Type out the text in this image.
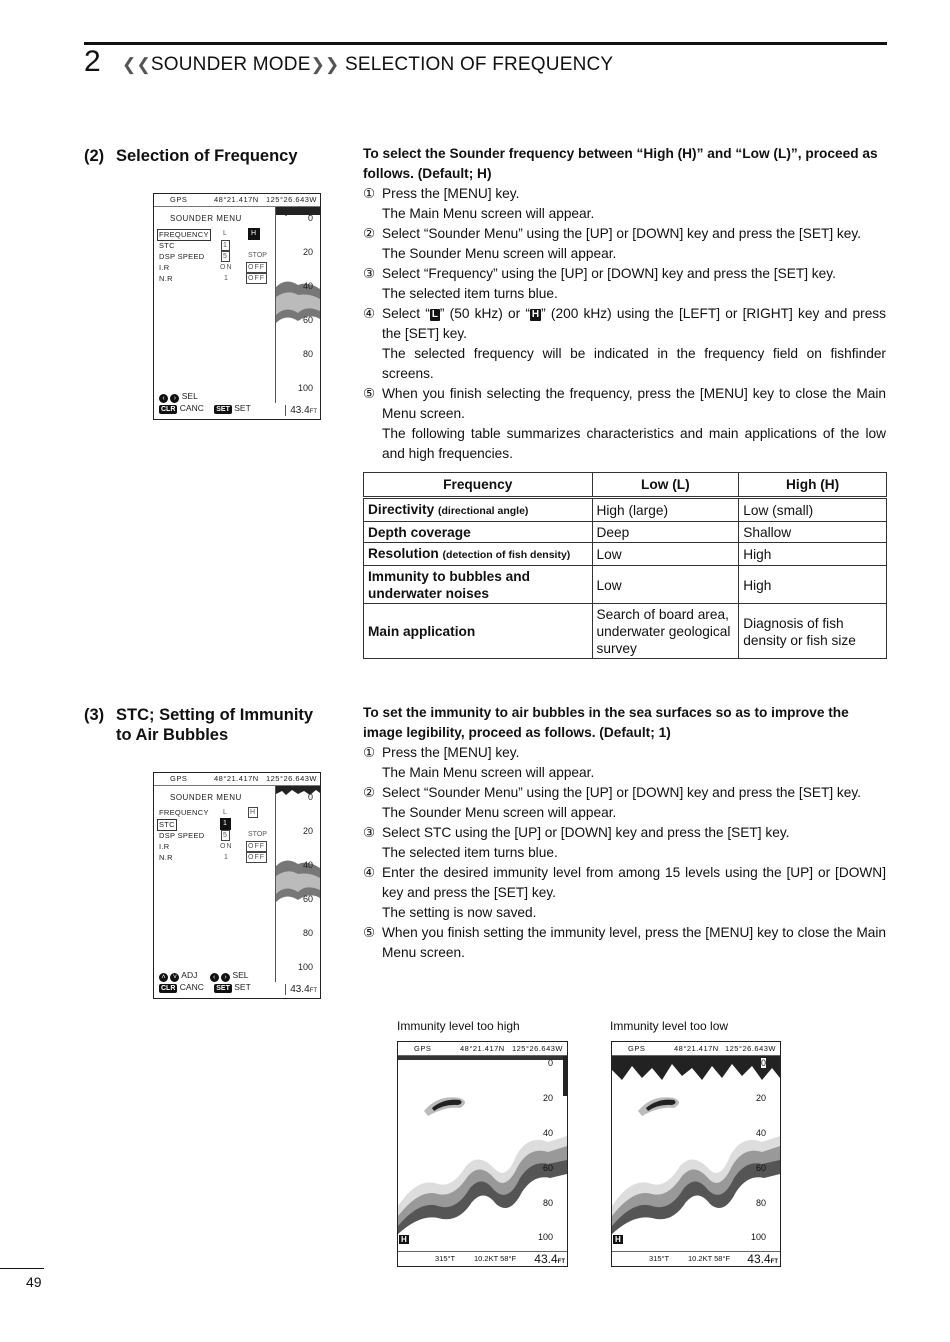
2 ❮❮SOUNDER MODE❯❯ SELECTION OF FREQUENCY
(2) Selection of Frequency
GPS	48°21.417N 125°26.643W
SOUNDER MENU
FREQUENCY L	H
STC	1
DSP SPEED	5	STOP
I.R	ON OFF
N.R	1	OFF
0
20
40
60
80
100
‹ › SEL
CLR CANC SET SET	43.4FT
To select the Sounder frequency between “High (H)” and “Low (L)”, proceed as follows. (Default; H)
① Press the [MENU] key.
The Main Menu screen will appear.
② Select “Sounder Menu” using the [UP] or [DOWN] key and press the [SET] key.
The Sounder Menu screen will appear.
③ Select “Frequency” using the [UP] or [DOWN] key and press the [SET] key.
The selected item turns blue.
④ Select “ L ” (50 kHz) or “ H ” (200 kHz) using the [LEFT] or [RIGHT] key and press the [SET] key.
The selected frequency will be indicated in the frequency field on fishfinder screens.
⑤ When you finish selecting the frequency, press the [MENU] key to close the Main Menu screen.
The following table summarizes characteristics and main applications of the low and high frequencies.
Frequency	Low (L)	High (H)
Directivity (directional angle)	High (large)	Low (small)
Depth coverage	Deep	Shallow
Resolution (detection of fish density)	Low	High
Immunity to bubbles and underwater noises	Low	High
Main application	Search of board area, underwater geological survey	Diagnosis of fish density or fish size
(3) STC; Setting of Immunity
to Air Bubbles
GPS	48°21.417N 125°26.643W
SOUNDER MENU
FREQUENCY L	H
STC	1
DSP SPEED	5	STOP
I.R	ON OFF
N.R	1	OFF
0
20
40
60
80
100
˄ ˅ ADJ ‹ › SEL
CLR CANC SET SET	43.4FT
To set the immunity to air bubbles in the sea surfaces so as to improve the image legibility, proceed as follows. (Default; 1)
① Press the [MENU] key.
The Main Menu screen will appear.
② Select “Sounder Menu” using the [UP] or [DOWN] key and press the [SET] key.
The Sounder Menu screen will appear.
③ Select STC using the [UP] or [DOWN] key and press the [SET] key.
The selected item turns blue.
④ Enter the desired immunity level from among 15 levels using the [UP] or [DOWN] key and press the [SET] key.
The setting is now saved.
⑤ When you finish setting the immunity level, press the [MENU] key to close the Main Menu screen.
Immunity level too high	Immunity level too low
GPS	48°21.417N 125°26.643W
0
20
40
60
80
100
H
315°T	10.2KT 58°F 43.4FT
GPS	48°21.417N 125°26.643W
0
20
40
60
80
100
H
315°T	10.2KT 58°F 43.4FT
49
